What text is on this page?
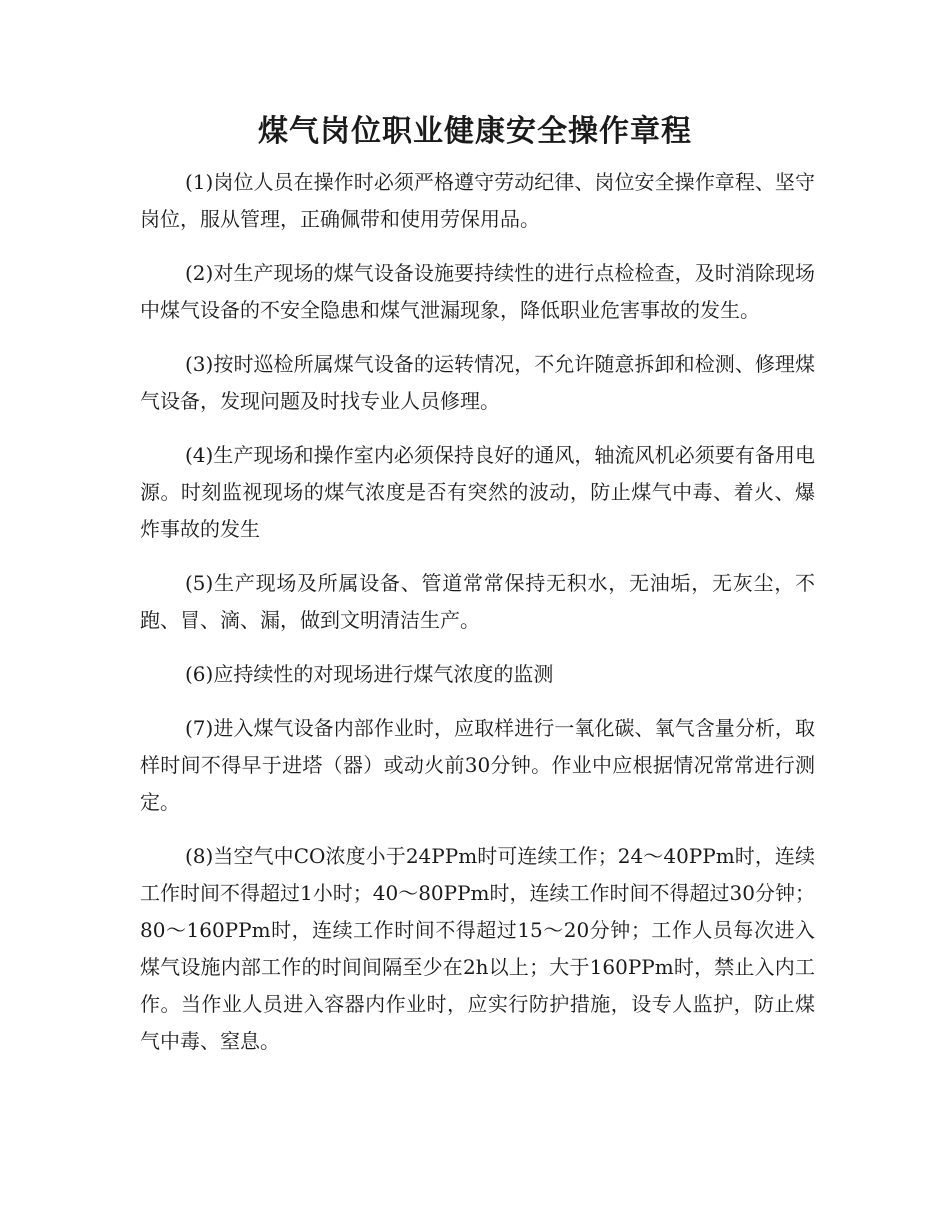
煤气岗位职业健康安全操作章程

(1)岗位人员在操作时必须严格遵守劳动纪律、岗位安全操作章程、坚守岗位，服从管理，正确佩带和使用劳保用品。

(2)对生产现场的煤气设备设施要持续性的进行点检检查，及时消除现场中煤气设备的不安全隐患和煤气泄漏现象，降低职业危害事故的发生。

(3)按时巡检所属煤气设备的运转情况，不允许随意拆卸和检测、修理煤气设备，发现问题及时找专业人员修理。

(4)生产现场和操作室内必须保持良好的通风，轴流风机必须要有备用电源。时刻监视现场的煤气浓度是否有突然的波动，防止煤气中毒、着火、爆炸事故的发生

(5)生产现场及所属设备、管道常常保持无积水，无油垢，无灰尘，不跑、冒、滴、漏，做到文明清洁生产。

(6)应持续性的对现场进行煤气浓度的监测

(7)进入煤气设备内部作业时，应取样进行一氧化碳、氧气含量分析，取样时间不得早于进塔（器）或动火前30分钟。作业中应根据情况常常进行测定。

(8)当空气中CO浓度小于24PPm时可连续工作；24～40PPm时，连续工作时间不得超过1小时；40～80PPm时，连续工作时间不得超过30分钟；80～160PPm时，连续工作时间不得超过15～20分钟；工作人员每次进入煤气设施内部工作的时间间隔至少在2h以上；大于160PPm时，禁止入内工作。当作业人员进入容器内作业时，应实行防护措施，设专人监护，防止煤气中毒、窒息。
